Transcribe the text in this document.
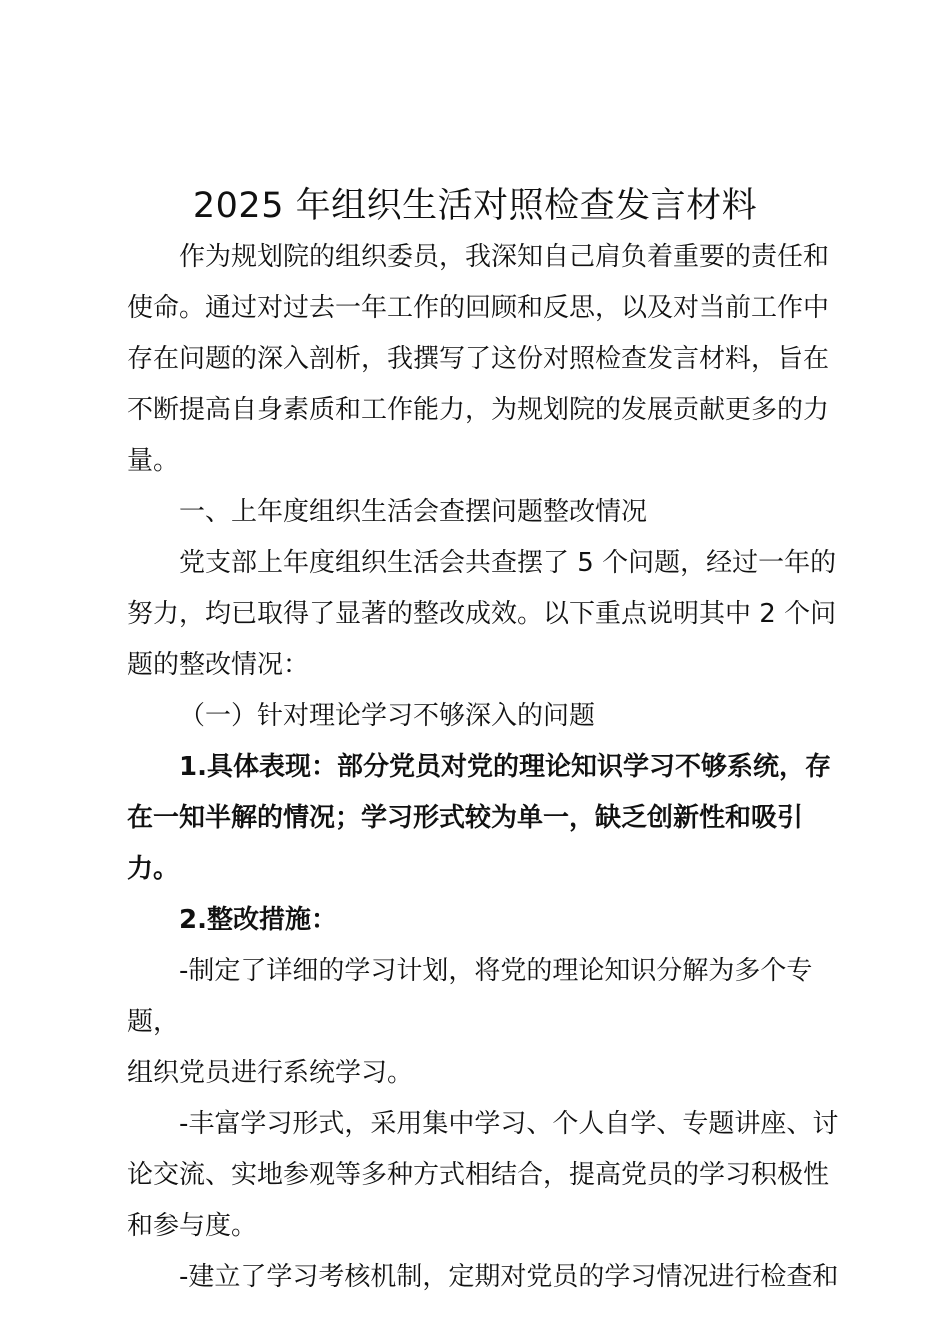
2025 年组织生活对照检查发言材料

作为规划院的组织委员，我深知自己肩负着重要的责任和
使命。通过对过去一年工作的回顾和反思，以及对当前工作中
存在问题的深入剖析，我撰写了这份对照检查发言材料，旨在
不断提高自身素质和工作能力，为规划院的发展贡献更多的力
量。

一、上年度组织生活会查摆问题整改情况

党支部上年度组织生活会共查摆了 5 个问题，经过一年的
努力，均已取得了显著的整改成效。以下重点说明其中 2 个问
题的整改情况：

（一）针对理论学习不够深入的问题

1.具体表现：部分党员对党的理论知识学习不够系统，存
在一知半解的情况；学习形式较为单一，缺乏创新性和吸引力。

2.整改措施：

-制定了详细的学习计划，将党的理论知识分解为多个专题，
组织党员进行系统学习。

-丰富学习形式，采用集中学习、个人自学、专题讲座、讨
论交流、实地参观等多种方式相结合，提高党员的学习积极性
和参与度。

-建立了学习考核机制，定期对党员的学习情况进行检查和
